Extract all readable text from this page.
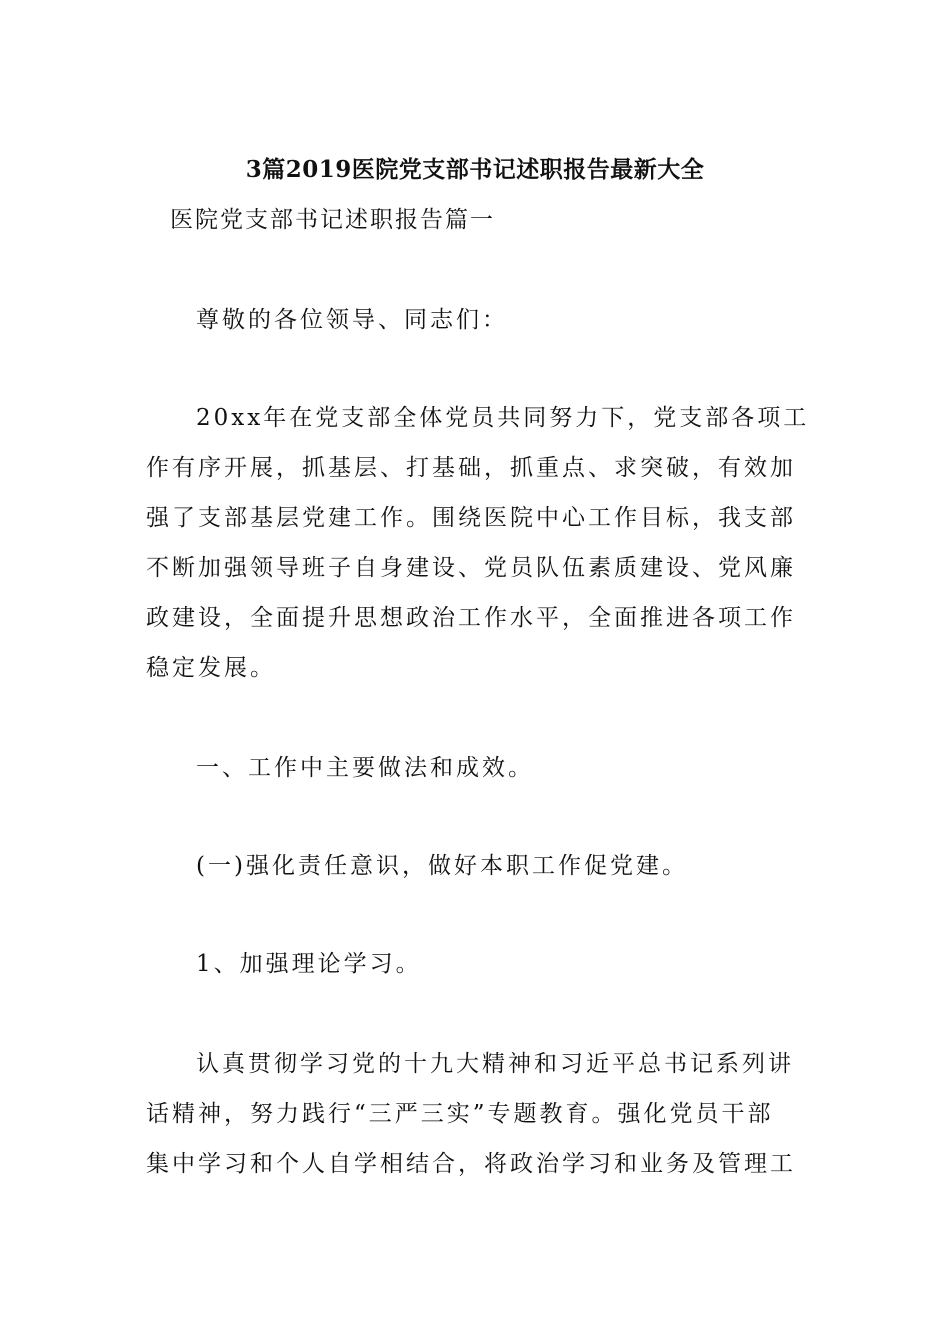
3篇2019医院党支部书记述职报告最新大全
医院党支部书记述职报告篇一
尊敬的各位领导、同志们：
20xx年在党支部全体党员共同努力下，党支部各项工
作有序开展，抓基层、打基础，抓重点、求突破，有效加
强了支部基层党建工作。围绕医院中心工作目标，我支部
不断加强领导班子自身建设、党员队伍素质建设、党风廉
政建设，全面提升思想政治工作水平，全面推进各项工作
稳定发展。
一、工作中主要做法和成效。
(一)强化责任意识，做好本职工作促党建。
1、加强理论学习。
认真贯彻学习党的十九大精神和习近平总书记系列讲
话精神，努力践行“三严三实”专题教育。强化党员干部
集中学习和个人自学相结合，将政治学习和业务及管理工
